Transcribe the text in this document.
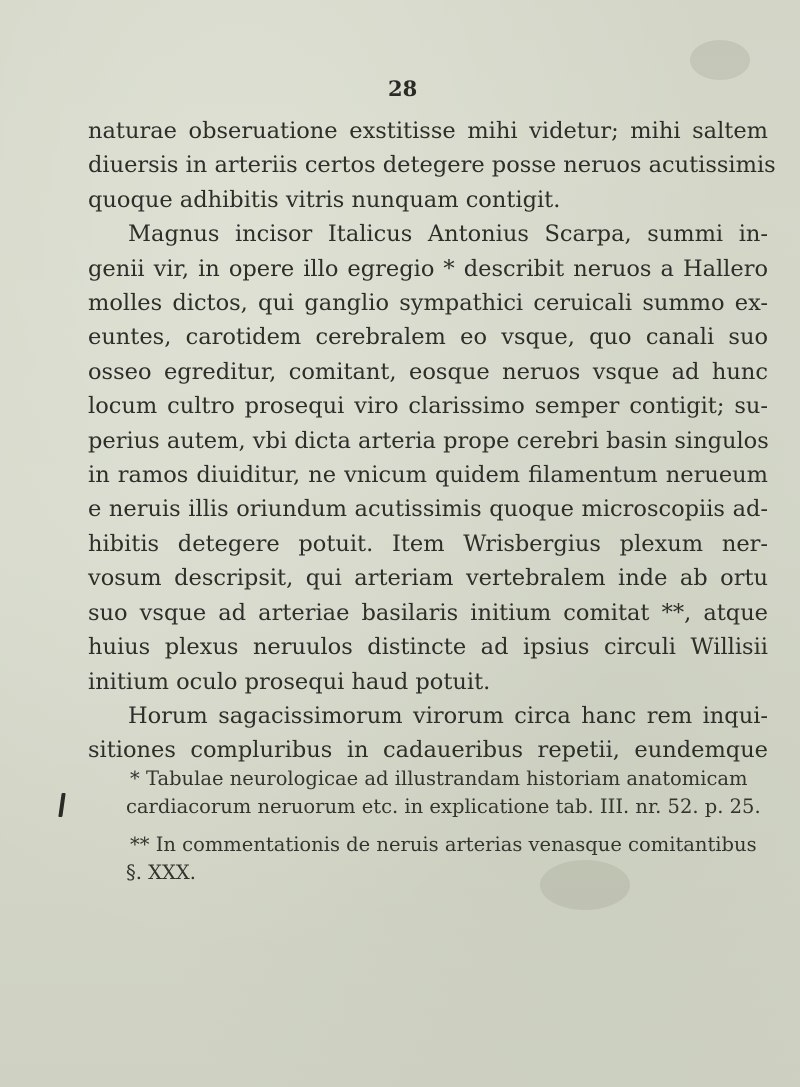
28
naturae obseruatione exstitisse mihi videtur; mihi saltem
diuersis in arteriis certos detegere posse neruos acutissimis
quoque adhibitis vitris nunquam contigit.
Magnus incisor Italicus Antonius Scarpa, summi in-
genii vir, in opere illo egregio * describit neruos a Hallero
molles dictos, qui ganglio sympathici ceruicali summo ex-
euntes, carotidem cerebralem eo vsque, quo canali suo
osseo egreditur, comitant, eosque neruos vsque ad hunc
locum cultro prosequi viro clarissimo semper contigit; su-
perius autem, vbi dicta arteria prope cerebri basin singulos
in ramos diuiditur, ne vnicum quidem filamentum nerueum
e neruis illis oriundum acutissimis quoque microscopiis ad-
hibitis detegere potuit. Item Wrisbergius plexum ner-
vosum descripsit, qui arteriam vertebralem inde ab ortu
suo vsque ad arteriae basilaris initium comitat **, atque
huius plexus neruulos distincte ad ipsius circuli Willisii
initium oculo prosequi haud potuit.
Horum sagacissimorum virorum circa hanc rem inqui-
sitiones compluribus in cadaueribus repetii, eundemque
* Tabulae neurologicae ad illustrandam historiam anatomicam
cardiacorum neruorum etc. in explicatione tab. III. nr. 52. p. 25.
** In commentationis de neruis arterias venasque comitantibus
§. XXX.
